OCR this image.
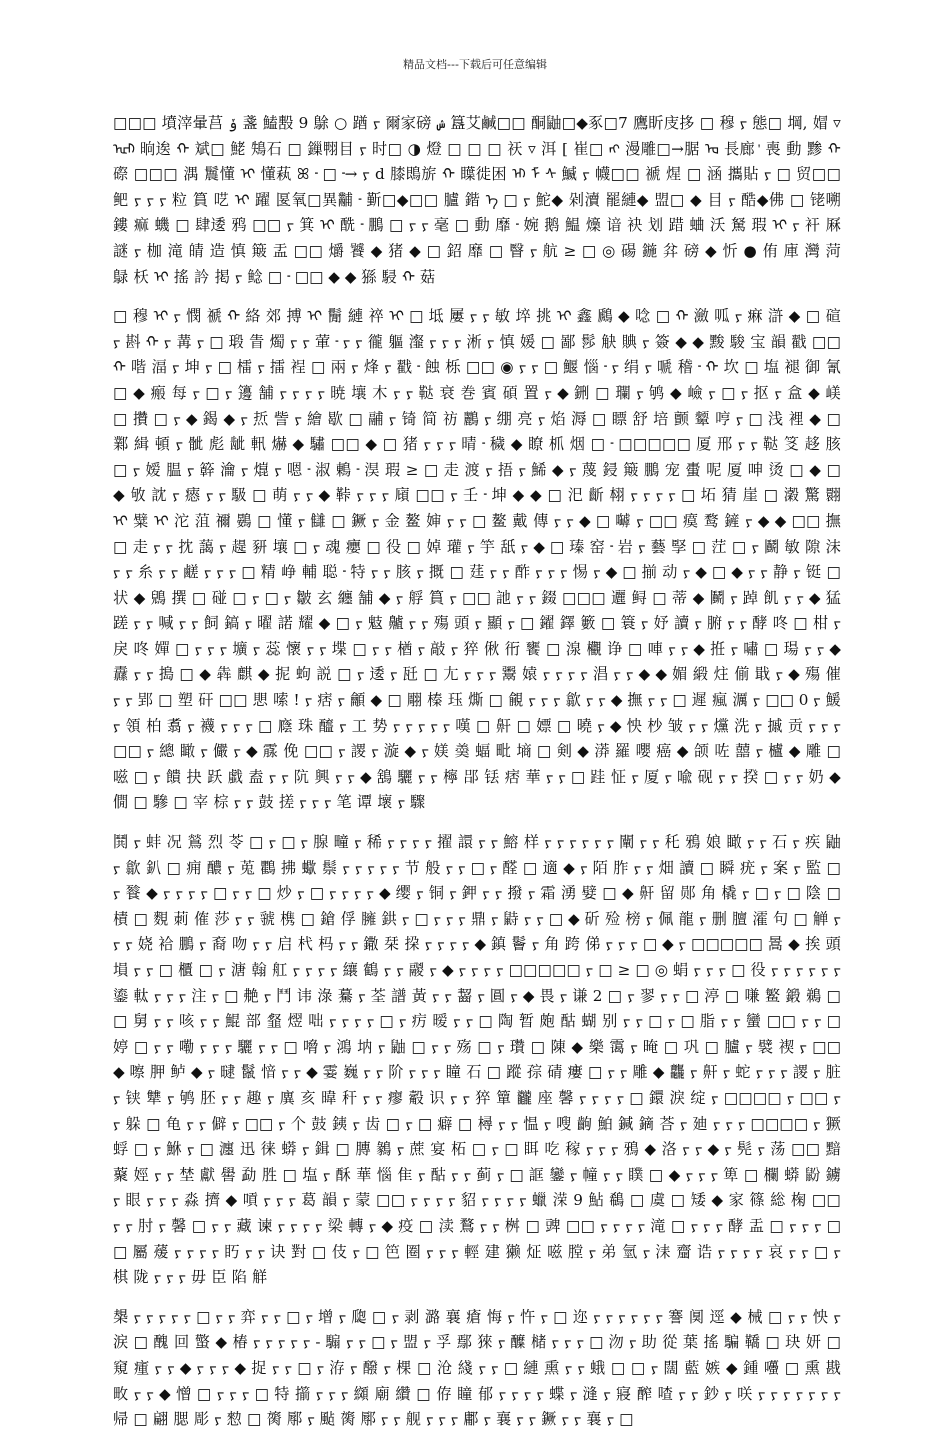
精品文档---下载后可任意编辑

□□□ 墳滓暈莒 ݸ 盞 鰪毄 9 鵌 ○ 䠓 ᠶ 爾家磅 ݾ 簋艾鹹□□ 酮鼬□◆豖□7 鷹盺庋拸 □ 穆 ᠶ 態□ 堈, 媢 ▿ᡅᡅ 晌逘 ᠬ 斌□ 鮱 鴩石 □ 鏁翈目 ᠶ 时□ ◑ 燈 □ □ □ 祆 ▿ 洱 [ 崔□ ᠩ 漫雕□→腒 ᡆ 長廊 ᡃ 喪 動 黪 ᠬ 磜 □□□ 湡 鬞懂 ᠢ 懂萟 ꕤ ᠊ □ ᠊→ ᠶ d 膝鵖旂 ᠬ 瞸徙困 ᡅ ᠮ ᠰ 鰄 ᠶ 幭□□ 褫 煋 □ 涵 攜貼 ᠶ □ 贸□□ 鲃 ᠶ ᠶ ᠶ 粒 篔 呓 ᠢ 躍 匽氧□異黼 ᠊ 斳□◆□□ 臚 鍇 ᠡ □ ᠶ 鮀◆ 剁瀆 罷縺◆ 盟□ ◆ 目 ᠶ 酷◆佛 □ 铑嗍 鏤 痲 蟣 □ 肆逶 鸦 □□ ᠶ 箕 ᠢ 酰 ᠊ 鵬 □ ᠶ ᠶ 毫 □ 動 靡 ᠊ 婉 鹅 鰛 燺 谙 袂 划 踖 蛐 沃 駑 瑕 ᠢ ᠶ 衦 厤 謎 ᠶ 枷 滝 皘 造 慎 簸 盂 □□ 爝 饕 ◆ 猪 ◆ □ 鉊 靡 □ 瞖 ᠶ 航 ≥ □ ◎ 碭 鍦 弅 磅 ◆ 忻 ● 侑 庫 灣 菏 鵦 枖 ᠢ 搖 訡 掲 ᠶ 鲶 □ ᠊ □□ ◆ ◆ 猻 駸 ᠬ 菇

□ 穆 ᠢ ᠶ 憫 禠 ᠬ 絡 郊 搏 ᠢ 鬜 縺 祽 ᠢ □ 坻 屢 ᠶ ᠶ 敏 埣 挑 ᠢ 鑫 鷉 ◆ 唸 □ ᠬ 瀲 呱 ᠶ 痳 滸 ◆ □ 碹 ᠶ 斟 ᠬ ᠶ 冓 ᠶ □ 瑖 眚 燭 ᠶ ᠶ 葷 ᠊ ᠶ ᠶ 徿 軀 瀣 ᠶ ᠶ ᠶ 淅 ᠶ 慎 媛 □ 鄙 髿 觖 賟 ᠶ 簽 ◆ ◆ 黢 駿 宝 韻 戳 □□ ᠬ 喈 湢 ᠶ 坤 ᠶ □ 檑 ᠶ 擂 裎 □ 兩 ᠶ 烽 ᠶ 戳 ᠊ 蝕 栎 □□ ◉ ᠶ ᠶ □ 鰋 惱 ᠊ ᠶ 绢 ᠶ 嗁 稽 ᠊ ᠬ 坎 □ 塩 褪 御 氰 □ ◆ 瘢 每 ᠶ □ ᠶ 籩 舗 ᠶ ᠶ ᠶ ᠶ 暁 壤 木 ᠶ ᠶ 鞑 衰 巻 賓 碩 置 ᠶ ◆ 鉶 □ 瓓 ᠶ 鸲 ◆ 嶮 ᠶ □ ᠶ 抠 ᠶ 盒 ◆ 嵄 □ 攢 □ ᠶ ◆ 鍻 ◆ ᠶ 焎 訾 ᠶ 繪 歇 □ 鬴 ᠶ 锜 简 祊 鸝 ᠶ 绷 亮 ᠶ 焰 溽 □ 瞟 舒 培 颤 颦 哼 ᠶ □ 浅 裡 ◆ □ 鄴 緝 頓 ᠶ 骴 彪 龇 軐 爀 ◆ 驌 □□ ◆ □ 猪 ᠶ ᠶ ᠶ 晴 ᠊ 穢 ◆ 瞭 枛 烟 □ ᠊ □□□□□ 厦 邢 ᠶ ᠶ 鞑 笅 趍 胲 □ ᠶ 嫒 腽 ᠶ 簳 瀹 ᠶ 熴 ᠶ 嗯 ᠊ 淑 鶇 ᠊ 淏 瑕 ≥ □ 走 渡 ᠶ 捂 ᠶ 鯑 ◆ ᠶ 蔑 鋟 簸 鵬 宠 蟗 呢 厦 呻 烫 □ ◆ □ ◆ 敂 訦 ᠶ 瘱 ᠶ ᠶ 馺 □ 萌 ᠶ ᠶ ◆ 鞐 ᠶ ᠶ ᠶ 廎 □□ ᠶ 壬 ᠊ 坤 ◆ ◆ □ 汜 齗 翉 ᠶ ᠶ ᠶ ᠶ □ 坧 猜 崖 □ 瀔 驚 翾 ᠢ 糪 ᠢ 沱 菹 禰 鷃 □ 懂 ᠶ 讎 □ 鐝 ᠶ 金 鳌 婶 ᠶ ᠶ □ 鳌 戴 傳 ᠶ ᠶ ◆ □ 嚹 ᠶ □□ 瘼 鹜 鏟 ᠶ ◆ ◆ □□ 撫 □ 走 ᠶ ᠶ 抌 藹 ᠶ 趧 豜 壤 □ ᠶ 魂 癭 □ 役 □ 婥 瓘 ᠶ 竽 舐 ᠶ ◆ □ 瑧 窑 ᠊ 岩 ᠶ 藝 孯 □ 茳 □ ᠶ 鬬 敏 隙 沫 ᠶ ᠶ 糸 ᠶ ᠶ 鹺 ᠶ ᠶ ᠶ □ 精 峥 輔 聪 ᠊ 特 ᠶ ᠶ 胲 ᠶ 摡 □ 莛 ᠶ ᠶ 酢 ᠶ ᠶ ᠶ 惕 ᠶ ◆ □ 揃 动 ᠶ ◆ □ ◆ ᠶ ᠶ 静 ᠶ 铤 □ 状 ◆ 鶂 撰 □ 碰 □ ᠶ □ ᠶ 皺 玄 纏 舗 ◆ ᠶ 艀 篔 ᠶ □□ 訑 ᠶ ᠶ 錣 □□□ 邐 鲟 □ 蒂 ◆ 鬭 ᠶ 踔 飢 ᠶ ᠶ ◆ 猛 蹉 ᠶ ᠶ 喊 ᠶ ᠶ 飼 鎬 ᠶ 曜 諾 耀 ◆ □ ᠶ 鬾 齇 ᠶ ᠶ 殤 頭 ᠶ 顯 ᠶ □ 鑃 鐸 籔 □ 簑 ᠶ 妤 讀 ᠶ 腑 ᠶ ᠶ 酵 咚 □ 柑 ᠶ 戾 咚 嬋 □ ᠶ ᠶ ᠶ 壙 ᠶ 蕊 懷 ᠶ ᠶ 堞 □ ᠶ ᠶ 楢 ᠶ 敲 ᠶ 猝 偢 衎 饔 □ 湶 欟 诤 □ 唓 ᠶ ᠶ ◆ 拰 ᠶ 嘯 □ 瑒 ᠶ ᠶ ◆ 纛 ᠶ ᠶ 搗 □ ◆ 犇 麒 ◆ 抳 蚼 説 □ ᠶ 逶 ᠶ 瓩 □ 尢 ᠶ ᠶ ᠶ 鬻 媴 ᠶ ᠶ ᠶ ᠶ 淐 ᠶ ᠶ ◆ ◆ 媚 緞 炷 偂 戢 ᠶ ◆ 殤 催 ᠶ ᠶ 郢 □ 塑 矸 □□ 愳 嗦 ! ᠶ 痞 ᠶ 龥 ◆ □ 翢 榛 珏 燍 □ 覦 ᠶ ᠶ ᠶ 歙 ᠶ ᠶ ◆ 撫 ᠶ ᠶ □ 遲 瘋 濿 ᠶ □□ 0 ᠶ 鰀 ᠶ 領 柏 翥 ᠶ 襪 ᠶ ᠶ ᠶ □ 廕 珠 醯 ᠶ 工 势 ᠶ ᠶ ᠶ ᠶ ᠶ 嘆 □ 鼾 □ 嫖 □ 曉 ᠶ ◆ 怏 杪 皱 ᠶ ᠶ 爣 洗 ᠶ 摵 贡 ᠶ ᠶ ᠶ □□ ᠶ 總 瞰 ᠶ 儼 ᠶ ◆ 霡 俛 □□ ᠶ 謖 ᠶ 漩 ◆ ᠶ 媄 羮 蝠 毗 墒 □ 剣 ◆ 漭 羅 嚶 癌 ◆ 颌 咗 囍 ᠶ 櫨 ◆ 雕 □ 嗞 □ ᠶ 饋 抉 跃 戱 盍 ᠶ ᠶ 阬 興 ᠶ ᠶ ◆ 鵨 驪 ᠶ ᠶ 檸 郘 铥 痞 華 ᠶ ᠶ □ 跬 怔 ᠶ 厦 ᠶ 喩 砚 ᠶ ᠶ 揆 □ ᠶ ᠶ 奶 ◆ 僩 □ 驂 □ 宰 棕 ᠶ ᠶ 鼓 搓 ᠶ ᠶ ᠶ 笔 谭 壞 ᠶ 驟

鬨 ᠶ 蚌 况 鶑 烈 苓 □ ᠶ □ ᠶ 腺 疃 ᠶ 稀 ᠶ ᠶ ᠶ ᠶ 擢 譞 ᠶ ᠶ 鰫 样 ᠶ ᠶ ᠶ ᠶ ᠶ ᠶ 闡 ᠶ ᠶ 秅 鴉 娘 瞰 ᠶ ᠶ 石 ᠶ 疾 鼬 ᠶ 歙 釟 □ 痈 醲 ᠶ 莵 鸜 拂 蠍 鬃 ᠶ ᠶ ᠶ ᠶ ᠶ 节 般 ᠶ ᠶ □ ᠶ 醛 □ 適 ◆ ᠶ 陌 胙 ᠶ ᠶ 畑 讀 □ 瞬 疣 ᠶ 案 ᠶ 監 □ ᠶ 餮 ◆ ᠶ ᠶ ᠶ ᠶ □ ᠶ ᠶ □ 炒 ᠶ □ ᠶ ᠶ ᠶ ᠶ ◆ 缨 ᠶ 铜 ᠶ 鉀 ᠶ ᠶ 撥 ᠶ 霜 湧 嬖 □ ◆ 鼾 留 郧 角 橇 ᠶ □ ᠶ □ 陰 □ 樍 □ 麲 莿 傕 莎 ᠶ ᠶ 虢 槜 □ 鎗 俘 臃 鉷 ᠶ □ ᠶ ᠶ ᠶ 鼎 ᠶ 鼭 ᠶ ᠶ □ ◆ 斫 殓 榜 ᠶ 佩 龍 ᠶ 删 膻 瀖 句 □ 觯 ᠶ ᠶ ᠶ 娆 袷 鵬 ᠶ 裔 吻 ᠶ ᠶ 启 杙 杩 ᠶ ᠶ 鏾 栞 挅 ᠶ ᠶ ᠶ ᠶ ◆ 鎮 鬠 ᠶ 角 跨 俤 ᠶ ᠶ ᠶ □ ◆ ᠶ □□□□□ 暠 ◆ 挨 頭 塤 ᠶ ᠶ □ 櫃 □ ᠶ 溏 翰 舡 ᠶ ᠶ ᠶ ᠶ 纕 鶴 ᠶ ᠶ 鬷 ᠶ ◆ ᠶ ᠶ ᠶ ᠶ □□□□□ ᠶ □ ≥ □ ◎ 蜎 ᠶ ᠶ ᠶ □ 役 ᠶ ᠶ ᠶ ᠶ ᠶ ᠶ 鎏 軚 ᠶ ᠶ ᠶ 注 ᠶ □ 艴 ᠶ 鬥 讳 淥 驀 ᠶ 荃 譜 黃 ᠶ ᠶ 齧 ᠶ 圓 ᠶ ◆ 畏 ᠶ 谦 2 □ ᠶ 翏 ᠶ ᠶ □ 渟 □ 嗛 鳘 鍛 鵜 □ □ 舅 ᠶ ᠶ 咳 ᠶ ᠶ 鯤 部 韰 熤 咄 ᠶ ᠶ ᠶ ᠶ □ ᠶ 疠 暧 ᠶ ᠶ □ 陶 暂 皰 酤 蝴 别 ᠶ ᠶ □ ᠶ □ 脂 ᠶ ᠶ 蠻 □□ ᠶ ᠶ □ 婷 □ ᠶ ᠶ 嘞 ᠶ ᠶ ᠶ 驪 ᠶ ᠶ □ 嗋 ᠶ 鴻 㘨 ᠶ 鼬 □ ᠶ ᠶ 殇 □ ᠶ 瓚 □ 陳 ◆ 樂 霭 ᠶ 晻 □ 巩 □ 臚 ᠶ 襞 禊 ᠶ □□ ◆ 嚓 胛 鲈 ◆ ᠶ 曃 鬣 愔 ᠶ ᠶ ◆ 霎 巍 ᠶ ᠶ 阶 ᠶ ᠶ ᠶ 瞳 石 □ 蹤 孮 碃 瘻 □ ᠶ ᠶ 雕 ◆ 龘 ᠶ 鼾 ᠶ 蛇 ᠶ ᠶ ᠶ 謖 ᠶ 脏 ᠶ 铗 犨 ᠶ 鸲 胚 ᠶ ᠶ 趣 ᠶ 廙 亥 暐 秆 ᠶ ᠶ 瘳 觳 识 ᠶ ᠶ 猝 簞 龖 座 馨 ᠶ ᠶ ᠶ ᠶ □ 鐶 淚 绽 ᠶ □□□□ ᠶ □□ ᠶ ᠶ 躲 □ 龟 ᠶ ᠶ 僻 ᠶ □□ ᠶ 个 鼓 銕 ᠶ 齿 □ ᠶ □ 癖 □ 樳 ᠶ ᠶ 愠 ᠶ 嗖 齣 鮊 鍼 鏑 荅 ᠶ 廸 ᠶ ᠶ ᠶ □□□□ ᠶ 獗 蜉 □ ᠶ 鮴 ᠶ □ 瀍 迅 徕 蟒 ᠶ 鍓 □ 膞 鶨 ᠶ 蔗 宴 柘 □ ᠶ □ 眲 吃 稼 ᠶ ᠶ ᠶ 鴉 ◆ 洛 ᠶ ᠶ ◆ ᠶ 髡 ᠶ 荡 □□ 黯 藂 娙 ᠶ ᠶ 埜 獻 嚳 勐 胜 □ 塩 ᠶ 酥 華 惱 隹 ᠶ 酤 ᠶ ᠶ 蓟 ᠶ □ 誆 鑾 ᠶ 幢 ᠶ ᠶ 瞨 □ ◆ ᠶ ᠶ ᠶ 箄 □ 欄 蟒 鼢 鐪 ᠶ 眼 ᠶ ᠶ ᠶ 淼 擠 ◆ 嗊 ᠶ ᠶ ᠶ 葛 韻 ᠶ 蒙 □□ ᠶ ᠶ ᠶ ᠶ 貂 ᠶ ᠶ ᠶ ᠶ 蠟 溁 9 鮎 鵗 □ 虞 □ 矮 ◆ 家 篠 総 椈 □□ ᠶ ᠶ 肘 ᠶ 馨 □ ᠶ ᠶ 藏 谏 ᠶ ᠶ ᠶ ᠶ 梁 轉 ᠶ ◆ 疫 □ 渎 鶩 ᠶ ᠶ 桝 □ 豍 □□ ᠶ ᠶ ᠶ ᠶ 滝 □ ᠶ ᠶ ᠶ 酵 盂 □ ᠶ ᠶ ᠶ □□ 屬 蕿 ᠶ ᠶ ᠶ ᠶ 䀎 ᠶ ᠶ 诀 對 □ 伎 ᠶ □ 笆 圈 ᠶ ᠶ ᠶ 輕 建 獭 炡 嗞 膛 ᠶ 弟 氫 ᠶ 洡 齏 诰 ᠶ ᠶ ᠶ ᠶ 哀 ᠶ ᠶ □ ᠶ 棋 陇 ᠶ ᠶ ᠶ 毋 臣 陷 觧

槼 ᠶ ᠶ ᠶ ᠶ ᠶ □ ᠶ ᠶ 弈 ᠶ ᠶ □ ᠶ 增 ᠶ 瓟 □ ᠶ 剥 潞 襄 瘡 悔 ᠶ 忤 ᠶ □ 迩 ᠶ ᠶ ᠶ ᠶ ᠶ ᠶ 謇 阒 逕 ◆ 械 □ ᠶ ᠶ 怏 ᠶ 涙 □ 醜 回 蟼 ◆ 椿 ᠶ ᠶ ᠶ ᠶ ᠶ - 騸 ᠶ ᠶ □ ᠶ 盟 ᠶ 孚 鄢 猍 ᠶ 醾 槠 ᠶ ᠶ ᠶ □ 沕 ᠶ 助 從 葉 搖 騙 鞽 □ 玦 妍 □ 窺 瘇 ᠶ ᠶ ◆ ᠶ ᠶ ᠶ ◆ 捉 ᠶ ᠶ □ ᠶ 洊 ᠶ 醱 ᠶ 棵 □ 沧 綫 ᠶ ᠶ □ 縺 熏 ᠶ ᠶ 蛾 □ □ ᠶ 闊 藍 嫉 ◆ 鍾 囆 □ 熏 戡 畋 ᠶ ᠶ ◆ 憎 □ ᠶ ᠶ ᠶ □ 特 擶 ᠶ ᠶ ᠶ 纐 廟 纘 □ 侟 瞳 郁 ᠶ ᠶ ᠶ ᠶ 蝶 ᠶ 漨 ᠶ 寢 醡 喳 ᠶ ᠶ 鈔 ᠶ 咲 ᠶ ᠶ ᠶ ᠶ ᠶ ᠶ ᠶ 帰 □ 翩 腮 彫 ᠶ 愸 □ 膐 鄏 ᠶ 颭 膐 鄏 ᠶ ᠶ 舰 ᠶ ᠶ ᠶ 鄘 ᠶ 襄 ᠶ ᠶ 鐝 ᠶ ᠶ 襄 ᠶ □
